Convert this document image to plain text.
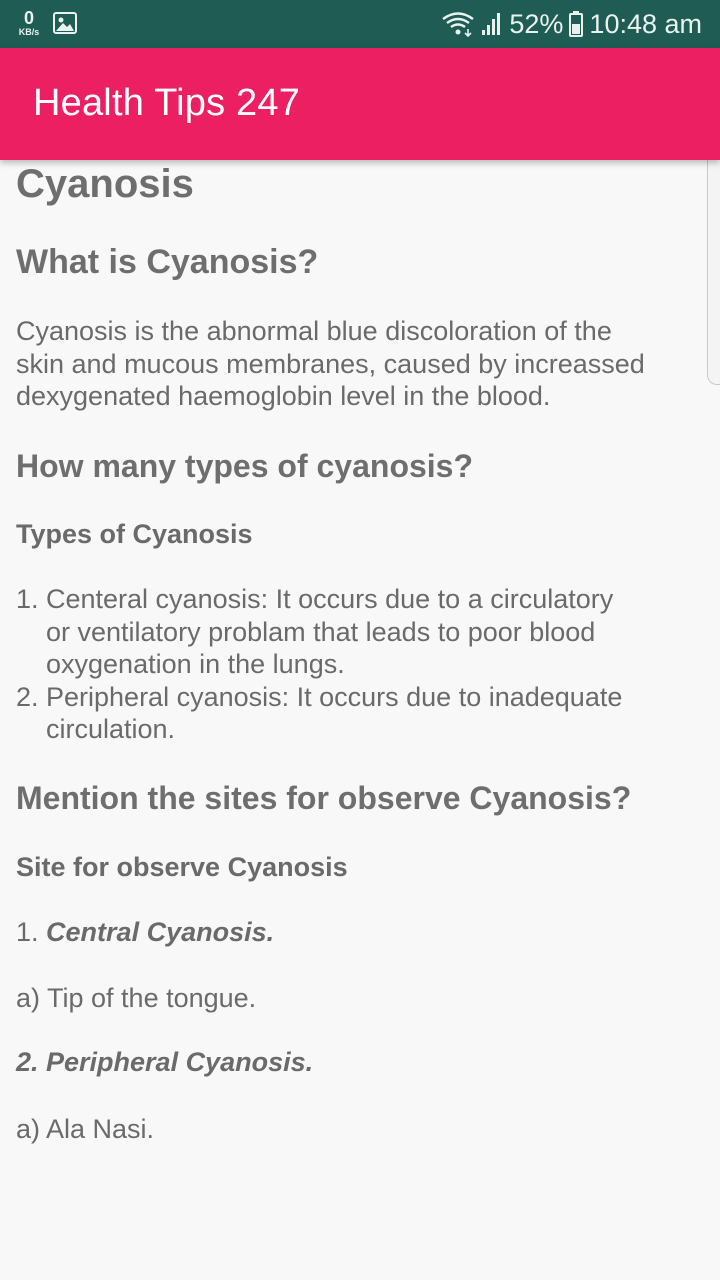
0
KB/s	52% 10:48 am
Health Tips 247
Cyanosis
What is Cyanosis?

Cyanosis is the abnormal blue discoloration of the
skin and mucous membranes, caused by increassed
dexygenated haemoglobin level in the blood.

How many types of cyanosis?

Types of Cyanosis

1. Centeral cyanosis: It occurs due to a circulatory
or ventilatory problam that leads to poor blood
oxygenation in the lungs.
2. Peripheral cyanosis: It occurs due to inadequate
circulation.
Mention the sites for observe Cyanosis?

Site for observe Cyanosis

1. Central Cyanosis.

a) Tip of the tongue.

2. Peripheral Cyanosis.

a) Ala Nasi.
